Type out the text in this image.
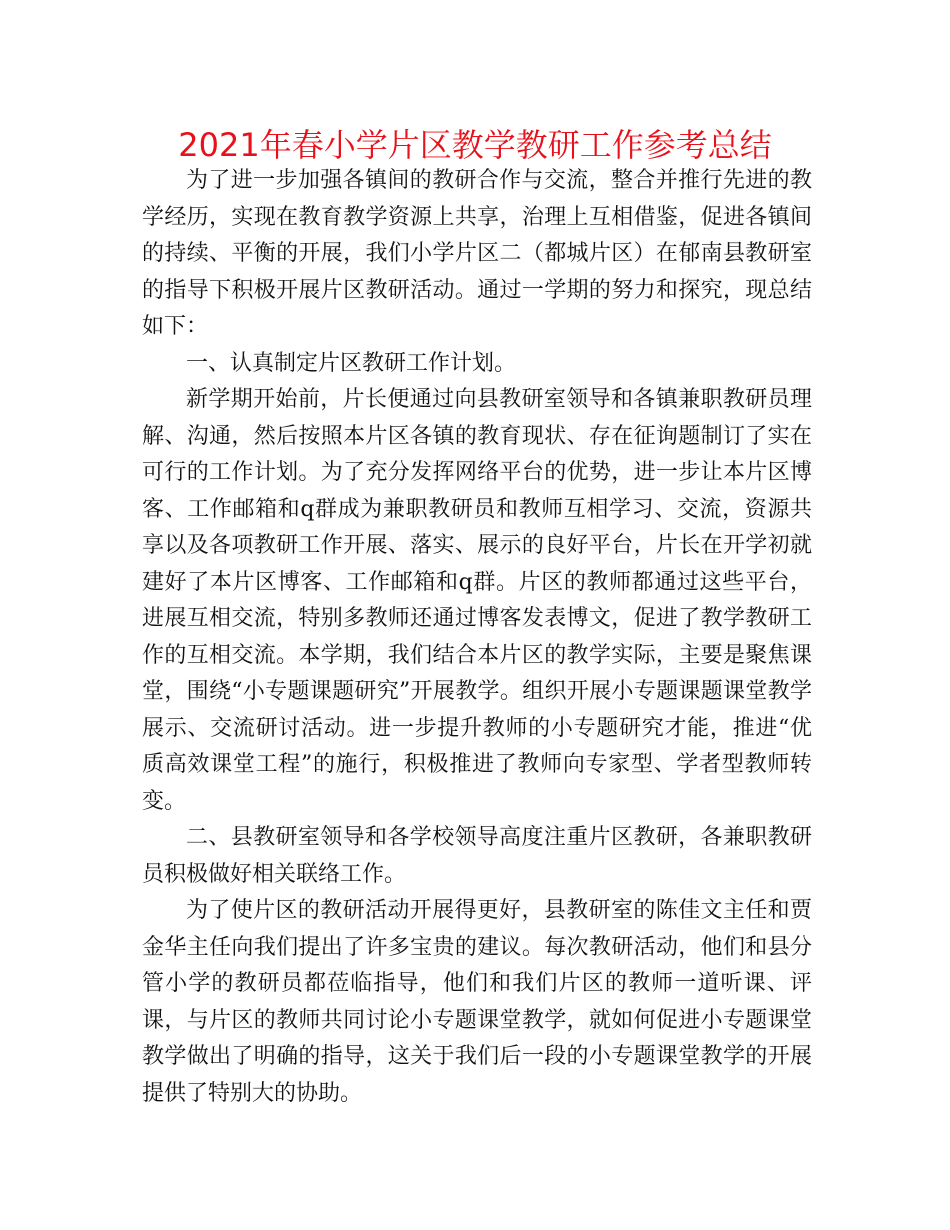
2021年春小学片区教学教研工作参考总结

为了进一步加强各镇间的教研合作与交流，整合并推行先进的教学经历，实现在教育教学资源上共享，治理上互相借鉴，促进各镇间的持续、平衡的开展，我们小学片区二（都城片区）在郁南县教研室的指导下积极开展片区教研活动。通过一学期的努力和探究，现总结如下：

一、认真制定片区教研工作计划。

新学期开始前，片长便通过向县教研室领导和各镇兼职教研员理解、沟通，然后按照本片区各镇的教育现状、存在征询题制订了实在可行的工作计划。为了充分发挥网络平台的优势，进一步让本片区博客、工作邮箱和q群成为兼职教研员和教师互相学习、交流，资源共享以及各项教研工作开展、落实、展示的良好平台，片长在开学初就建好了本片区博客、工作邮箱和q群。片区的教师都通过这些平台，进展互相交流，特别多教师还通过博客发表博文，促进了教学教研工作的互相交流。本学期，我们结合本片区的教学实际，主要是聚焦课堂，围绕“小专题课题研究”开展教学。组织开展小专题课题课堂教学展示、交流研讨活动。进一步提升教师的小专题研究才能，推进“优质高效课堂工程”的施行，积极推进了教师向专家型、学者型教师转变。

二、县教研室领导和各学校领导高度注重片区教研，各兼职教研员积极做好相关联络工作。

为了使片区的教研活动开展得更好，县教研室的陈佳文主任和贾金华主任向我们提出了许多宝贵的建议。每次教研活动，他们和县分管小学的教研员都莅临指导，他们和我们片区的教师一道听课、评课，与片区的教师共同讨论小专题课堂教学，就如何促进小专题课堂教学做出了明确的指导，这关于我们后一段的小专题课堂教学的开展提供了特别大的协助。
